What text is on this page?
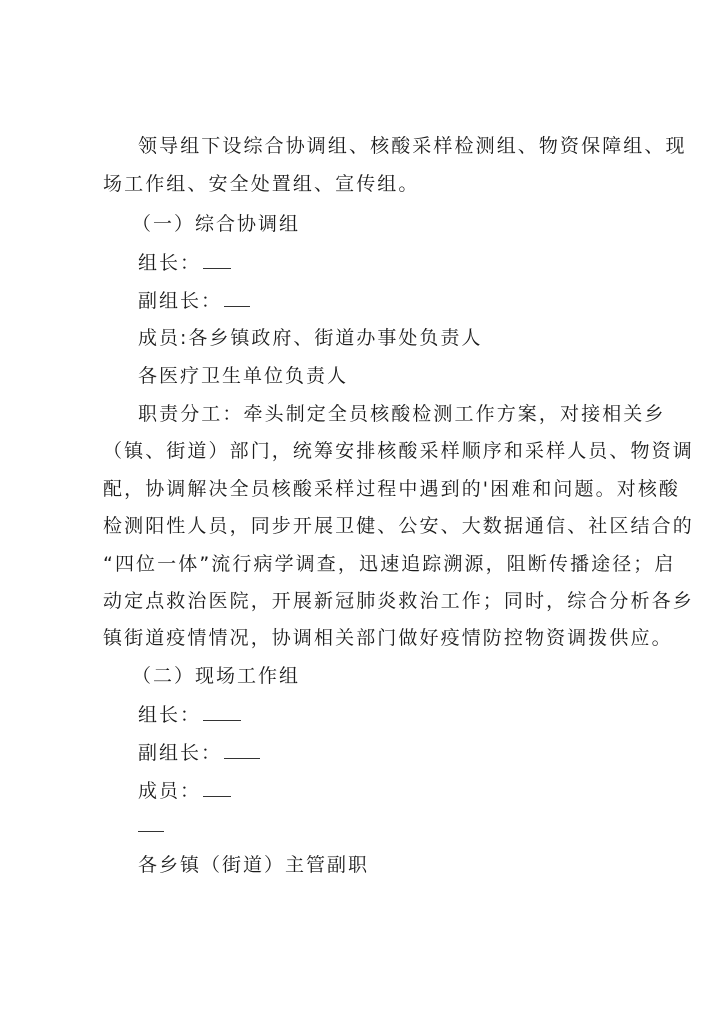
领导组下设综合协调组、核酸采样检测组、物资保障组、现
场工作组、安全处置组、宣传组。
（一）综合协调组
组长：
副组长：
成员:各乡镇政府、街道办事处负责人
各医疗卫生单位负责人
职责分工：牵头制定全员核酸检测工作方案，对接相关乡
（镇、街道）部门，统筹安排核酸采样顺序和采样人员、物资调
配，协调解决全员核酸采样过程中遇到的'困难和问题。对核酸
检测阳性人员，同步开展卫健、公安、大数据通信、社区结合的
“四位一体”流行病学调查，迅速追踪溯源，阻断传播途径；启
动定点救治医院，开展新冠肺炎救治工作；同时，综合分析各乡
镇街道疫情情况，协调相关部门做好疫情防控物资调拨供应。
（二）现场工作组
组长：
副组长：
成员：
各乡镇（街道）主管副职
